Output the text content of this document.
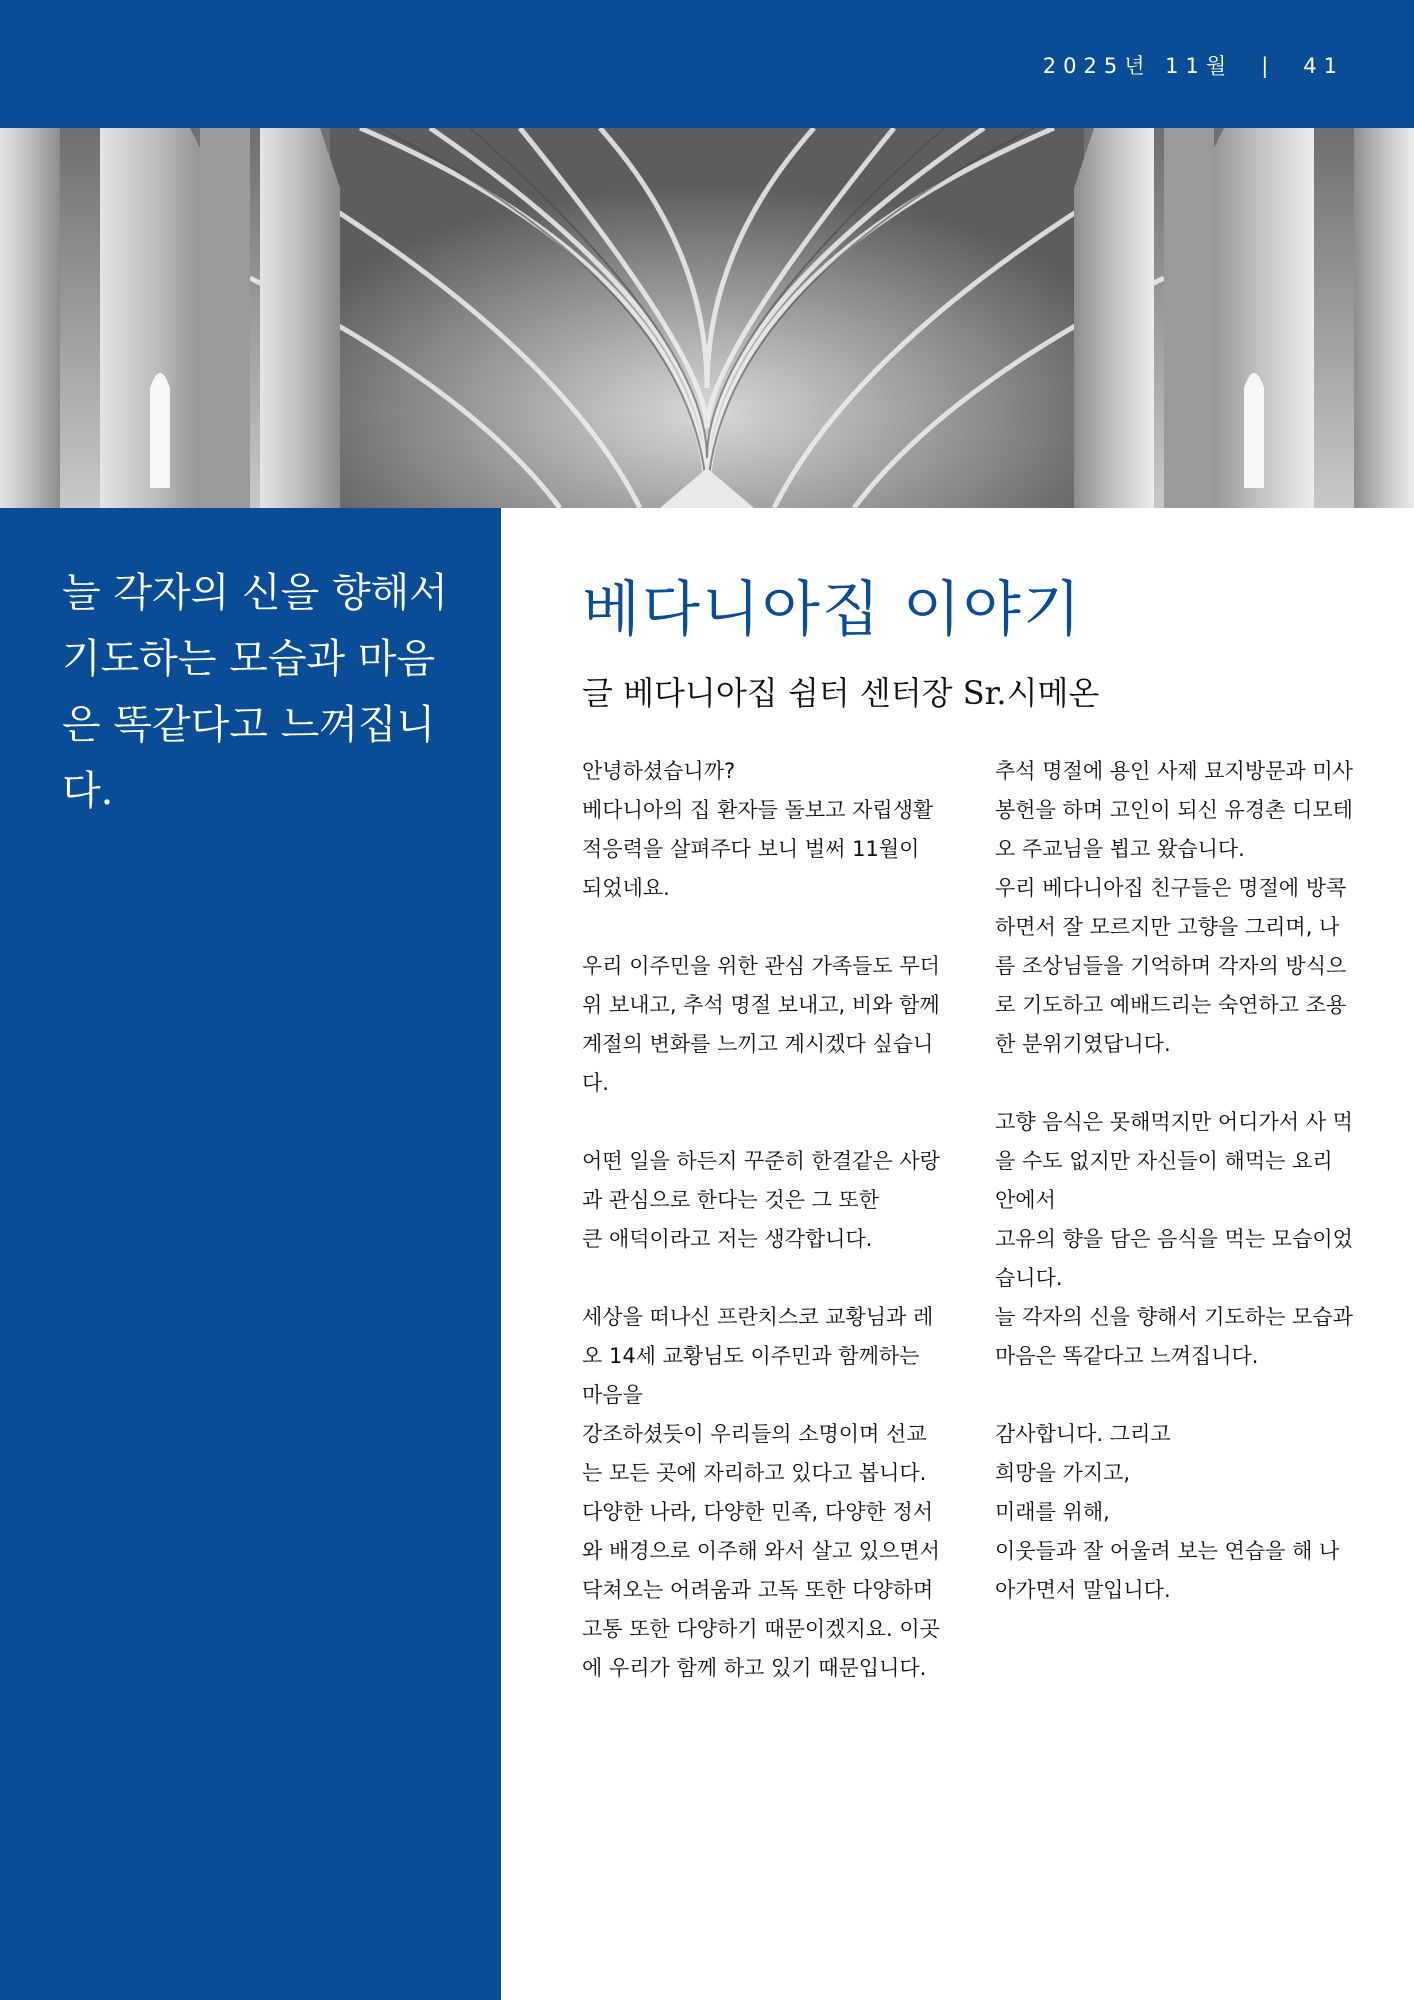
2025년 11월  |  41

늘 각자의 신을 향해서 기도하는 모습과 마음은 똑같다고 느껴집니다.

베다니아집 이야기

글 베다니아집 쉼터 센터장 Sr.시메온

안녕하셨습니까?
베다니아의 집 환자들 돌보고 자립생활 적응력을 살펴주다 보니 벌써 11월이 되었네요.

우리 이주민을 위한 관심 가족들도 무더위 보내고, 추석 명절 보내고, 비와 함께 계절의 변화를 느끼고 계시겠다 싶습니다.

어떤 일을 하든지 꾸준히 한결같은 사랑과 관심으로 한다는 것은 그 또한
큰 애덕이라고 저는 생각합니다.

세상을 떠나신 프란치스코 교황님과 레오 14세 교황님도 이주민과 함께하는 마음을
강조하셨듯이 우리들의 소명이며 선교는 모든 곳에 자리하고 있다고 봅니다.
다양한 나라, 다양한 민족, 다양한 정서와 배경으로 이주해 와서 살고 있으면서 닥쳐오는 어려움과 고독 또한 다양하며 고통 또한 다양하기 때문이겠지요. 이곳에 우리가 함께 하고 있기 때문입니다.

추석 명절에 용인 사제 묘지방문과 미사봉헌을 하며 고인이 되신 유경촌 디모테오 주교님을 뵙고 왔습니다.
우리 베다니아집 친구들은 명절에 방콕 하면서 잘 모르지만 고향을 그리며, 나름 조상님들을 기억하며 각자의 방식으로 기도하고 예배드리는 숙연하고 조용한 분위기였답니다.

고향 음식은 못해먹지만 어디가서 사 먹을 수도 없지만 자신들이 해먹는 요리 안에서
고유의 향을 담은 음식을 먹는 모습이었습니다.
늘 각자의 신을 향해서 기도하는 모습과 마음은 똑같다고 느껴집니다.

감사합니다. 그리고
희망을 가지고,
미래를 위해,
이웃들과 잘 어울려 보는 연습을 해 나아가면서 말입니다.
